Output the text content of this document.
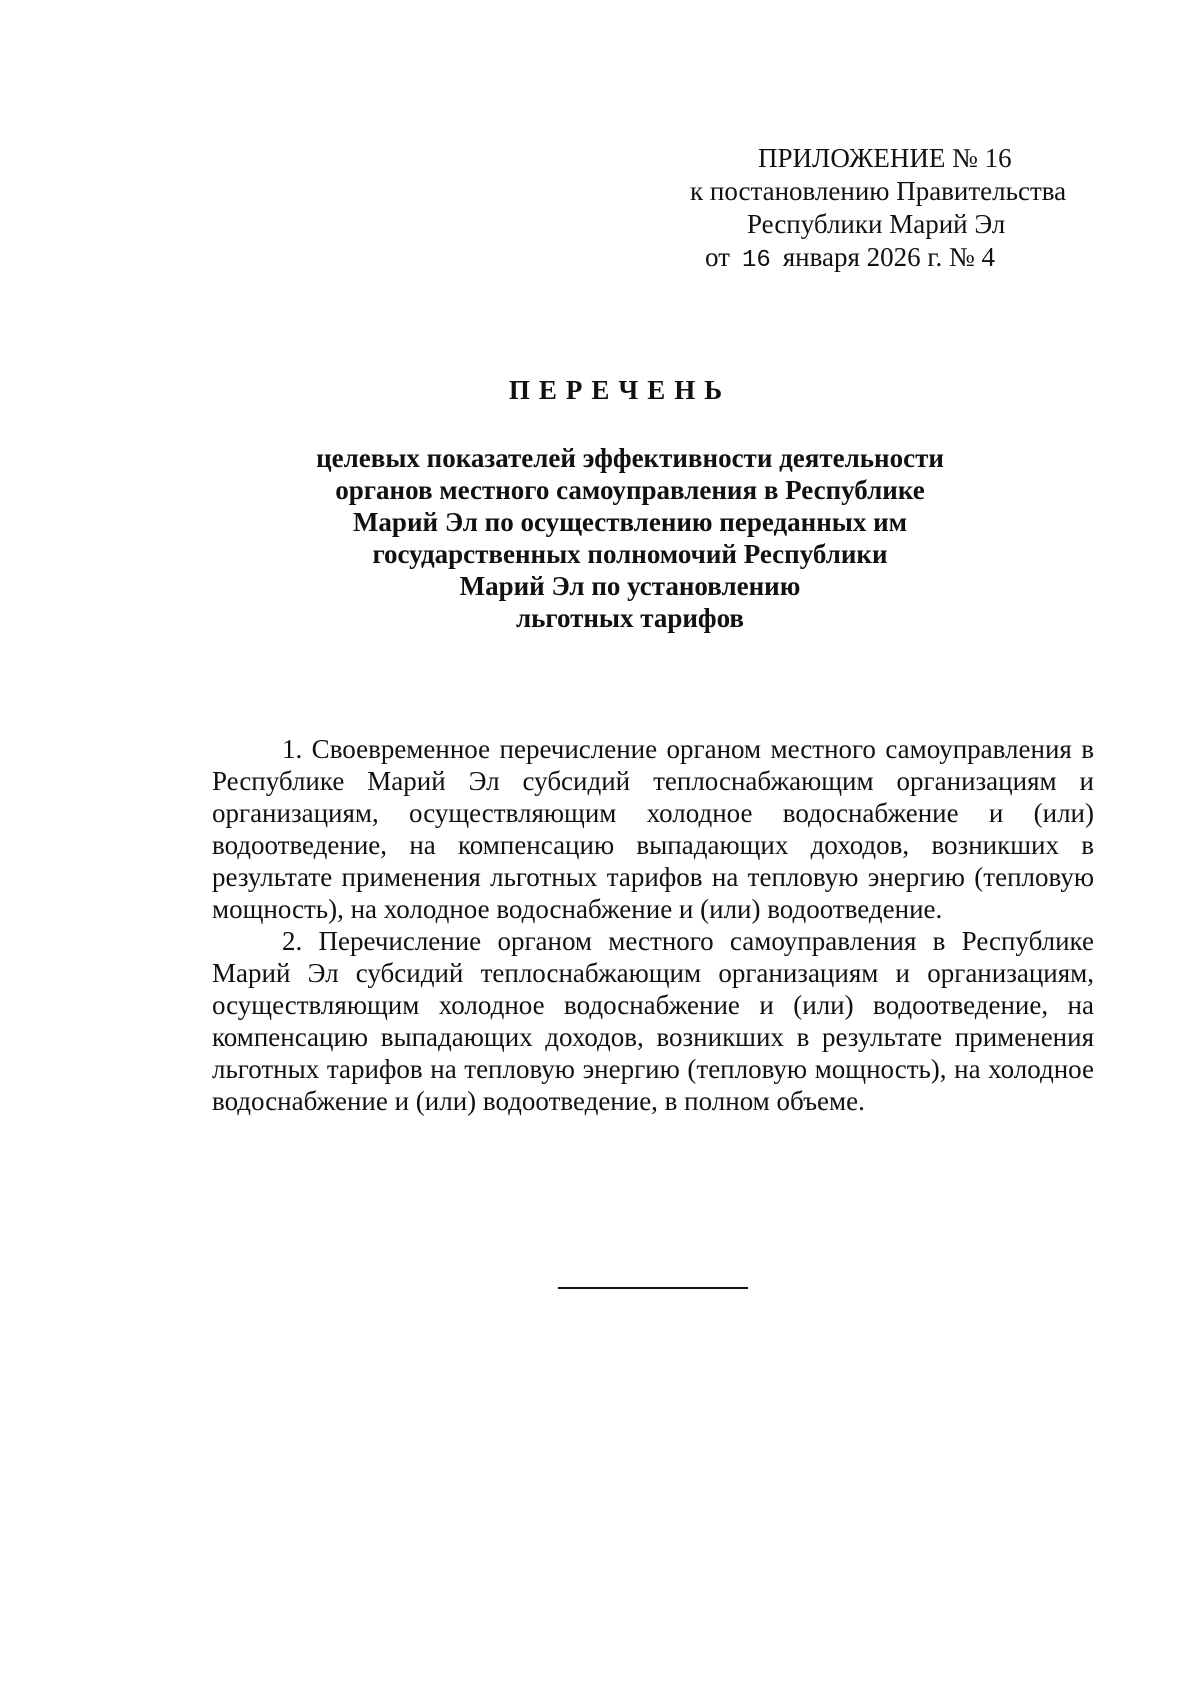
ПРИЛОЖЕНИЕ № 16
к постановлению Правительства
Республики Марий Эл
от 16 января 2026 г. № 4
ПЕРЕЧЕНЬ
целевых показателей эффективности деятельности
органов местного самоуправления в Республике
Марий Эл по осуществлению переданных им
государственных полномочий Республики
Марий Эл по установлению
льготных тарифов

1. Своевременное перечисление органом местного самоуправления в Республике Марий Эл субсидий теплоснабжающим организациям и организациям, осуществляющим холодное водоснабжение и (или) водоотведение, на компенсацию выпадающих доходов, возникших в результате применения льготных тарифов на тепловую энергию (тепловую мощность), на холодное водоснабжение и (или) водоотведение.

2. Перечисление органом местного самоуправления в Республике Марий Эл субсидий теплоснабжающим организациям и организациям, осуществляющим холодное водоснабжение и (или) водоотведение, на компенсацию выпадающих доходов, возникших в результате применения льготных тарифов на тепловую энергию (тепловую мощность), на холодное водоснабжение и (или) водоотведение, в полном объеме.
